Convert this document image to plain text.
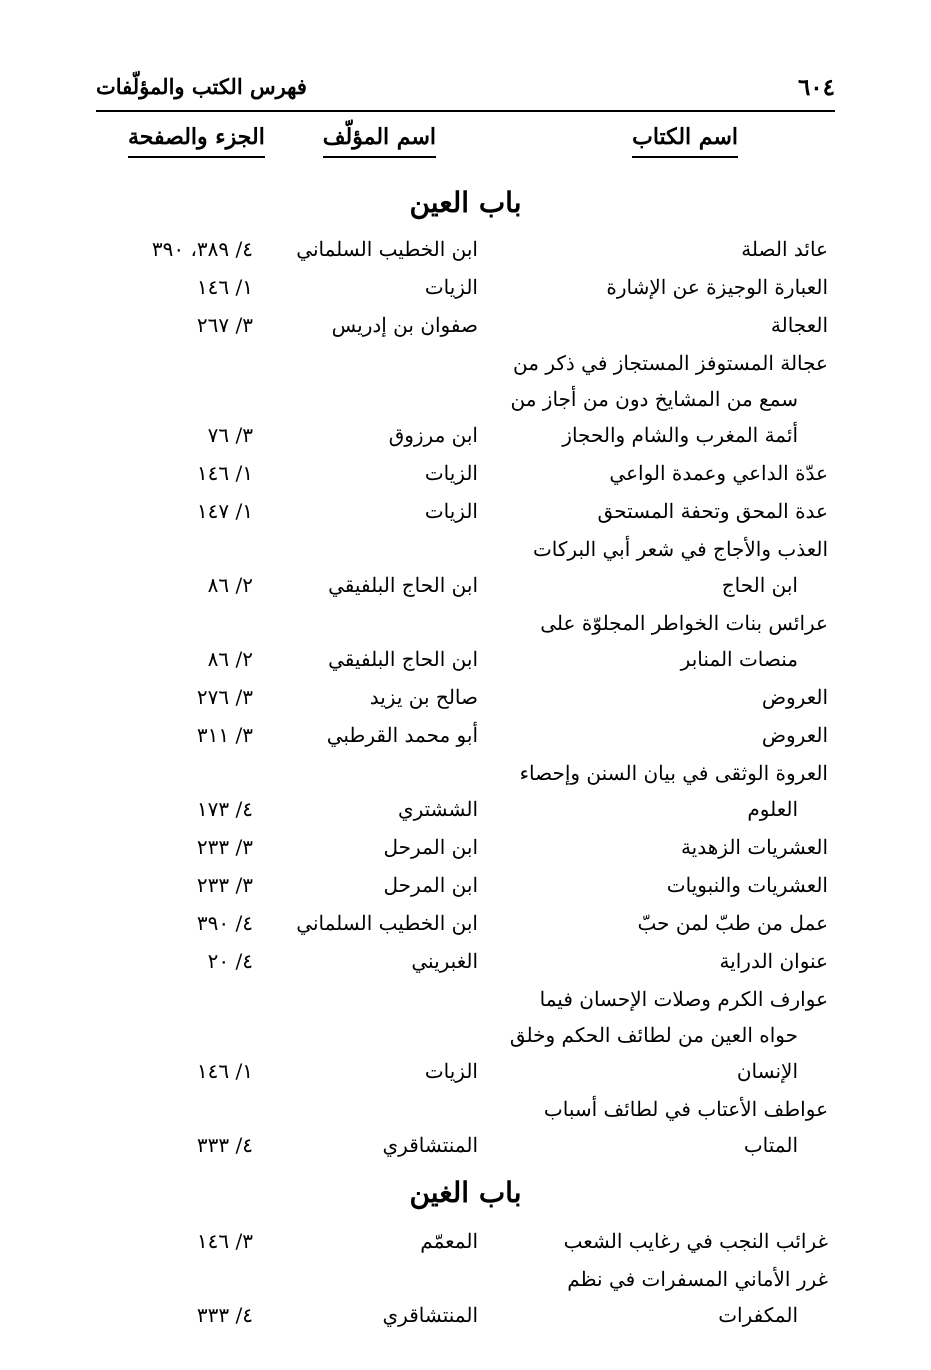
٦٠٤
فهرس الكتب والمؤلّفات
اسم الكتاب
اسم المؤلّف
الجزء والصفحة
باب العين
عائد الصلة
ابن الخطيب السلماني
٤/ ٣٨٩، ٣٩٠
العبارة الوجيزة عن الإشارة
الزيات
١/ ١٤٦
العجالة
صفوان بن إدريس
٣/ ٢٦٧
عجالة المستوفز المستجاز في ذكر من
سمع من المشايخ دون من أجاز من
أئمة المغرب والشام والحجاز
ابن مرزوق
٣/ ٧٦
عدّة الداعي وعمدة الواعي
الزيات
١/ ١٤٦
عدة المحق وتحفة المستحق
الزيات
١/ ١٤٧
العذب والأجاج في شعر أبي البركات
ابن الحاج
ابن الحاج البلفيقي
٢/ ٨٦
عرائس بنات الخواطر المجلوّة على
منصات المنابر
ابن الحاج البلفيقي
٢/ ٨٦
العروض
صالح بن يزيد
٣/ ٢٧٦
العروض
أبو محمد القرطبي
٣/ ٣١١
العروة الوثقى في بيان السنن وإحصاء
العلوم
الششتري
٤/ ١٧٣
العشريات الزهدية
ابن المرحل
٣/ ٢٣٣
العشريات والنبويات
ابن المرحل
٣/ ٢٣٣
عمل من طبّ لمن حبّ
ابن الخطيب السلماني
٤/ ٣٩٠
عنوان الدراية
الغبريني
٤/ ٢٠
عوارف الكرم وصلات الإحسان فيما
حواه العين من لطائف الحكم وخلق
الإنسان
الزيات
١/ ١٤٦
عواطف الأعتاب في لطائف أسباب
المتاب
المنتشاقري
٤/ ٣٣٣
باب الغين
غرائب النجب في رغايب الشعب
المعمّم
٣/ ١٤٦
غرر الأماني المسفرات في نظم
المكفرات
المنتشاقري
٤/ ٣٣٣
